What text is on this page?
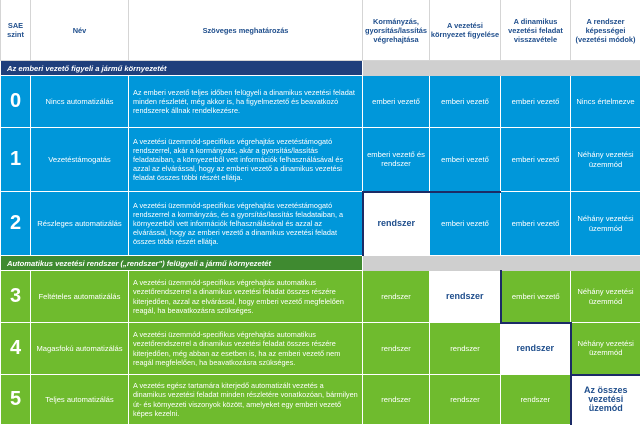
SAE szint	Név	Szöveges meghatározás	Kormányzás, gyorsítás/lassítás végrehajtása	A vezetési környezet figyelése	A dinamikus vezetési feladat visszavétele	A rendszer képességei (vezetési módok)
Az emberi vezető figyeli a jármű környezetét						
0	Nincs automatizálás	Az emberi vezető teljes időben felügyeli a dinamikus vezetési feladat minden részletét, még akkor is, ha figyelmeztető és beavatkozó rendszerek állnak rendelkezésre.	emberi vezető	emberi vezető	emberi vezető	Nincs értelmezve
1	Vezetéstámogatás	A vezetési üzemmód-specifikus végrehajtás vezetéstámogató rendszerrel, akár a kormányzás, akár a gyorsítás/lassítás feladataiban, a környezetből vett információk felhasználásával és azzal az elvárással, hogy az emberi vezető a dinamikus vezetési feladat összes többi részét ellátja.	emberi vezető és rendszer	emberi vezető	emberi vezető	Néhány vezetési üzemmód
2	Részleges automatizálás	A vezetési üzemmód-specifikus végrehajtás vezetéstámogató rendszerrel a kormányzás, és a gyorsítás/lassítás feladataiban, a környezetből vett információk felhasználásával és azzal az elvárással, hogy az emberi vezető a dinamikus vezetési feladat összes többi részét ellátja.	rendszer	emberi vezető	emberi vezető	Néhány vezetési üzemmód
Automatikus vezetési rendszer („rendszer") felügyeli a jármű környezetét						
3	Feltételes automatizálás	A vezetési üzemmód-specifikus végrehajtás automatikus vezetőrendszerrel a dinamikus vezetési feladat összes részére kiterjedően, azzal az elvárással, hogy emberi vezető megfelelően reagál, ha beavatkozásra szükséges.	rendszer	rendszer	emberi vezető	Néhány vezetési üzemmód
4	Magasfokú automatizálás	A vezetési üzemmód-specifikus végrehajtás automatikus vezetőrendszerrel a dinamikus vezetési feladat összes részére kiterjedően, még abban az esetben is, ha az emberi vezető nem reagál megfelelően, ha beavatkozásra szükséges.	rendszer	rendszer	rendszer	Néhány vezetési üzemmód
5	Teljes automatizálás	A vezetés egész tartamára kiterjedő automatizált vezetés a dinamikus vezetési feladat minden részletére vonatkozóan, bármilyen út- és környezeti viszonyok között, amelyeket egy emberi vezető képes kezelni.	rendszer	rendszer	rendszer	Az összes vezetési üzemód
